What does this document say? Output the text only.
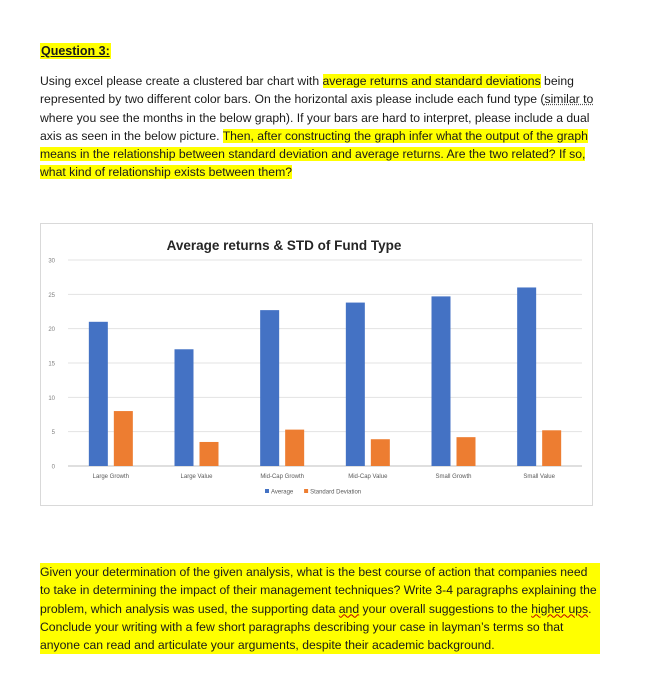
Question 3:
Using excel please create a clustered bar chart with average returns and standard deviations being represented by two different color bars. On the horizontal axis please include each fund type (similar to where you see the months in the below graph). If your bars are hard to interpret, please include a dual axis as seen in the below picture. Then, after constructing the graph infer what the output of the graph means in the relationship between standard deviation and average returns. Are the two related? If so, what kind of relationship exists between them?
Average returns & STD of Fund Type
0
5
10
15
20
25
30
Large Growth	Large Value	Mid-Cap Growth	Mid-Cap Value	Small Growth	Small Value
Average	Standard Deviation
Given your determination of the given analysis, what is the best course of action that companies need to take in determining the impact of their management techniques? Write 3-4 paragraphs explaining the problem, which analysis was used, the supporting data and your overall suggestions to the higher ups. Conclude your writing with a few short paragraphs describing your case in layman’s terms so that anyone can read and articulate your arguments, despite their academic background.
